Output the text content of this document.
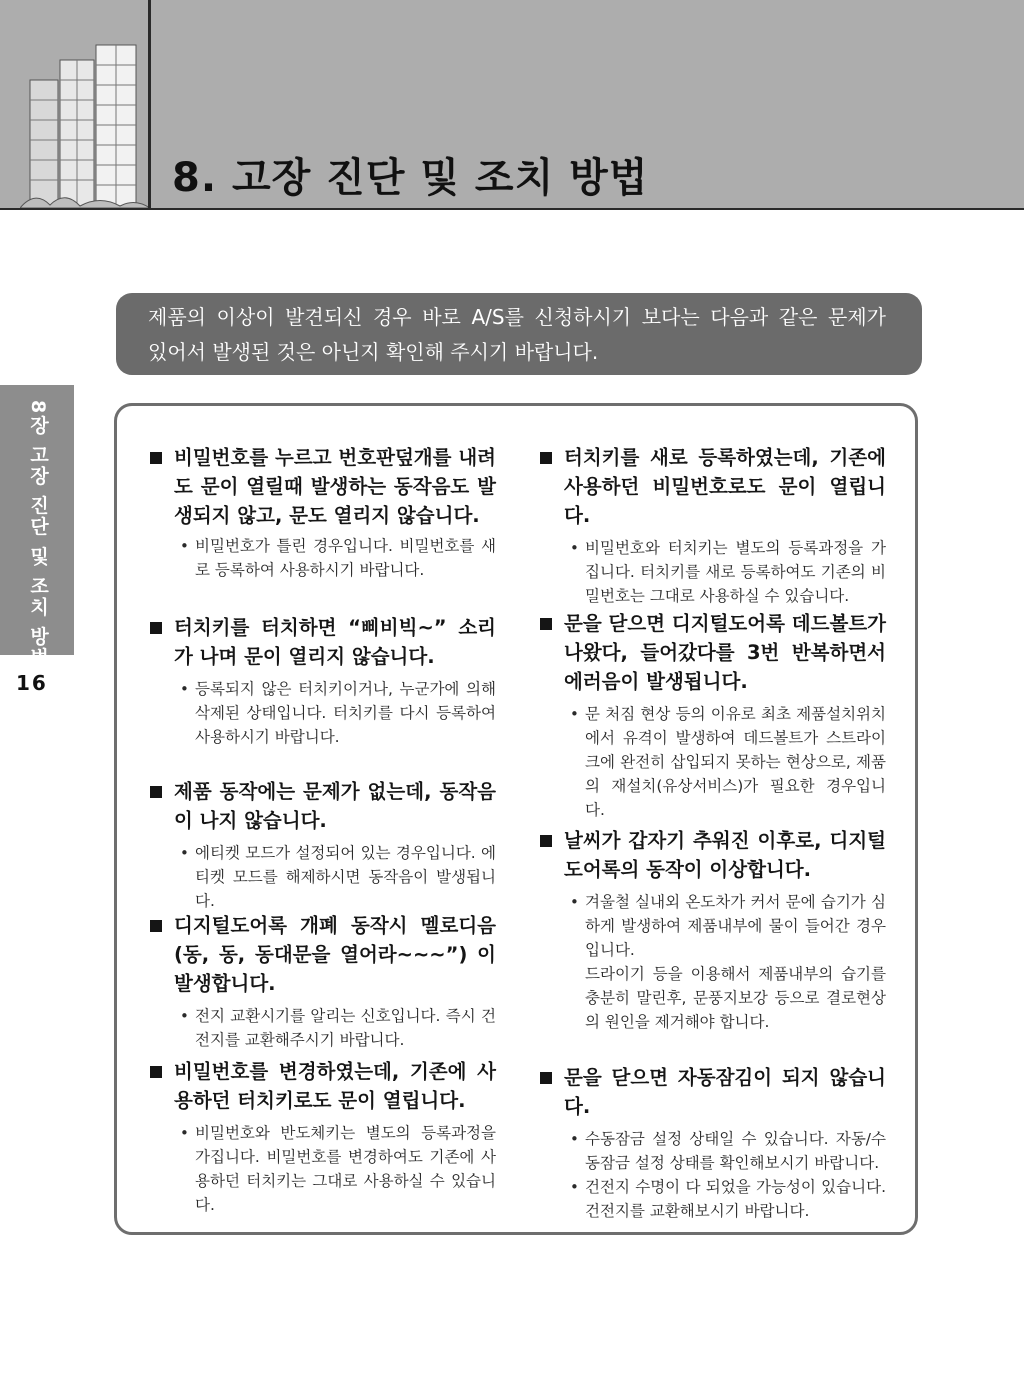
8. 고장 진단 및 조치 방법
8장 고장 진단 및 조치 방법
16
제품의 이상이 발견되신 경우 바로 A/S를 신청하시기 보다는 다음과 같은 문제가
있어서 발생된 것은 아닌지 확인해 주시기 바랍니다.
비밀번호를 누르고 번호판덮개를 내려도 문이 열릴때 발생하는 동작음도 발생되지 않고, 문도 열리지 않습니다.
• 비밀번호가 틀린 경우입니다. 비밀번호를 새로 등록하여 사용하시기 바랍니다.
터치키를 터치하면 “삐비빅~” 소리가 나며 문이 열리지 않습니다.
• 등록되지 않은 터치키이거나, 누군가에 의해 삭제된 상태입니다. 터치키를 다시 등록하여 사용하시기 바랍니다.
제품 동작에는 문제가 없는데, 동작음이 나지 않습니다.
• 에티켓 모드가 설정되어 있는 경우입니다. 에티켓 모드를 해제하시면 동작음이 발생됩니다.
디지털도어록 개폐 동작시 멜로디음 (동, 동, 동대문을 열어라~~~”) 이 발생합니다.
• 전지 교환시기를 알리는 신호입니다. 즉시 건전지를 교환해주시기 바랍니다.
비밀번호를 변경하였는데, 기존에 사용하던 터치키로도 문이 열립니다.
• 비밀번호와 반도체키는 별도의 등록과정을 가집니다. 비밀번호를 변경하여도 기존에 사용하던 터치키는 그대로 사용하실 수 있습니다.
터치키를 새로 등록하였는데, 기존에 사용하던 비밀번호로도 문이 열립니다.
• 비밀번호와 터치키는 별도의 등록과정을 가집니다. 터치키를 새로 등록하여도 기존의 비밀번호는 그대로 사용하실 수 있습니다.
문을 닫으면 디지털도어록 데드볼트가 나왔다, 들어갔다를 3번 반복하면서 에러음이 발생됩니다.
• 문 처짐 현상 등의 이유로 최초 제품설치위치에서 유격이 발생하여 데드볼트가 스트라이크에 완전히 삽입되지 못하는 현상으로, 제품의 재설치(유상서비스)가 필요한 경우입니다.
날씨가 갑자기 추워진 이후로, 디지털도어록의 동작이 이상합니다.
• 겨울철 실내외 온도차가 커서 문에 습기가 심하게 발생하여 제품내부에 물이 들어간 경우입니다.
드라이기 등을 이용해서 제품내부의 습기를 충분히 말린후, 문풍지보강 등으로 결로현상의 원인을 제거해야 합니다.
문을 닫으면 자동잠김이 되지 않습니다.
• 수동잠금 설정 상태일 수 있습니다. 자동/수동잠금 설정 상태를 확인해보시기 바랍니다.
• 건전지 수명이 다 되었을 가능성이 있습니다. 건전지를 교환해보시기 바랍니다.
